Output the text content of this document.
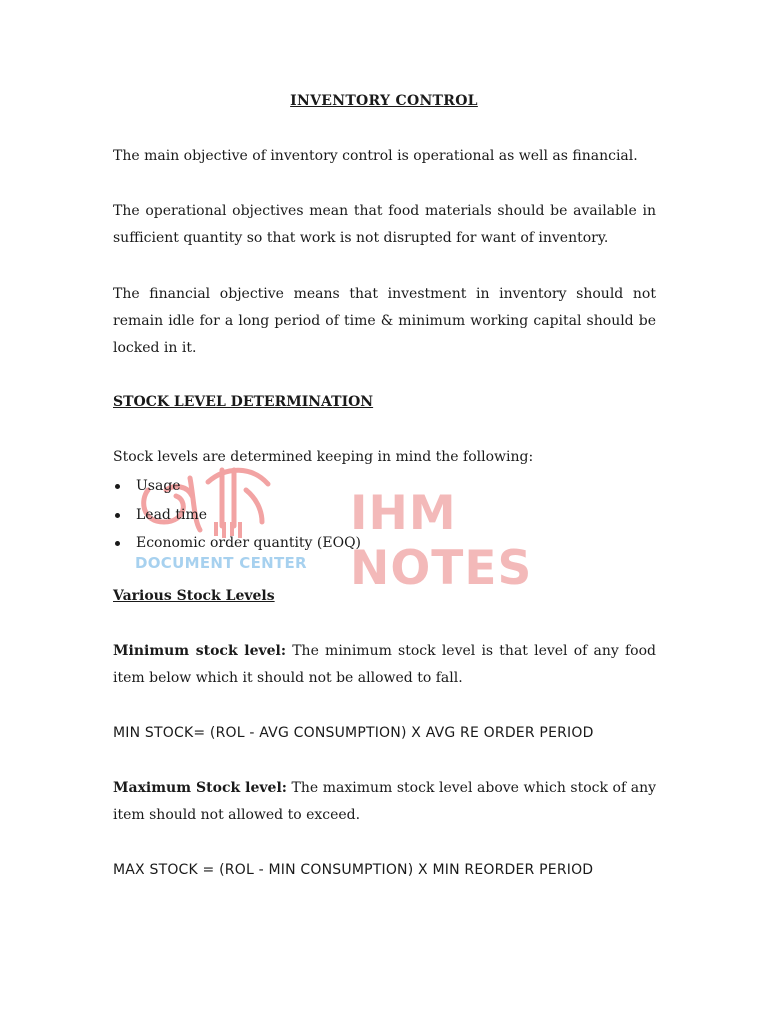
IHM NOTES
DOCUMENT CENTER
INVENTORY CONTROL

The main objective of inventory control is operational as well as financial.

The operational objectives mean that food materials should be available in sufficient quantity so that work is not disrupted for want of inventory.

The financial objective means that investment in inventory should not remain idle for a long period of time & minimum working capital should be locked in it.

STOCK LEVEL DETERMINATION

Stock levels are determined keeping in mind the following:

Usage
Lead time
Economic order quantity (EOQ)

Various Stock Levels

Minimum stock level: The minimum stock level is that level of any food item below which it should not be allowed to fall.

MIN STOCK= (ROL - AVG CONSUMPTION) X AVG RE ORDER PERIOD

Maximum Stock level: The maximum stock level above which stock of any item should not allowed to exceed.

MAX STOCK = (ROL - MIN CONSUMPTION) X MIN REORDER PERIOD
